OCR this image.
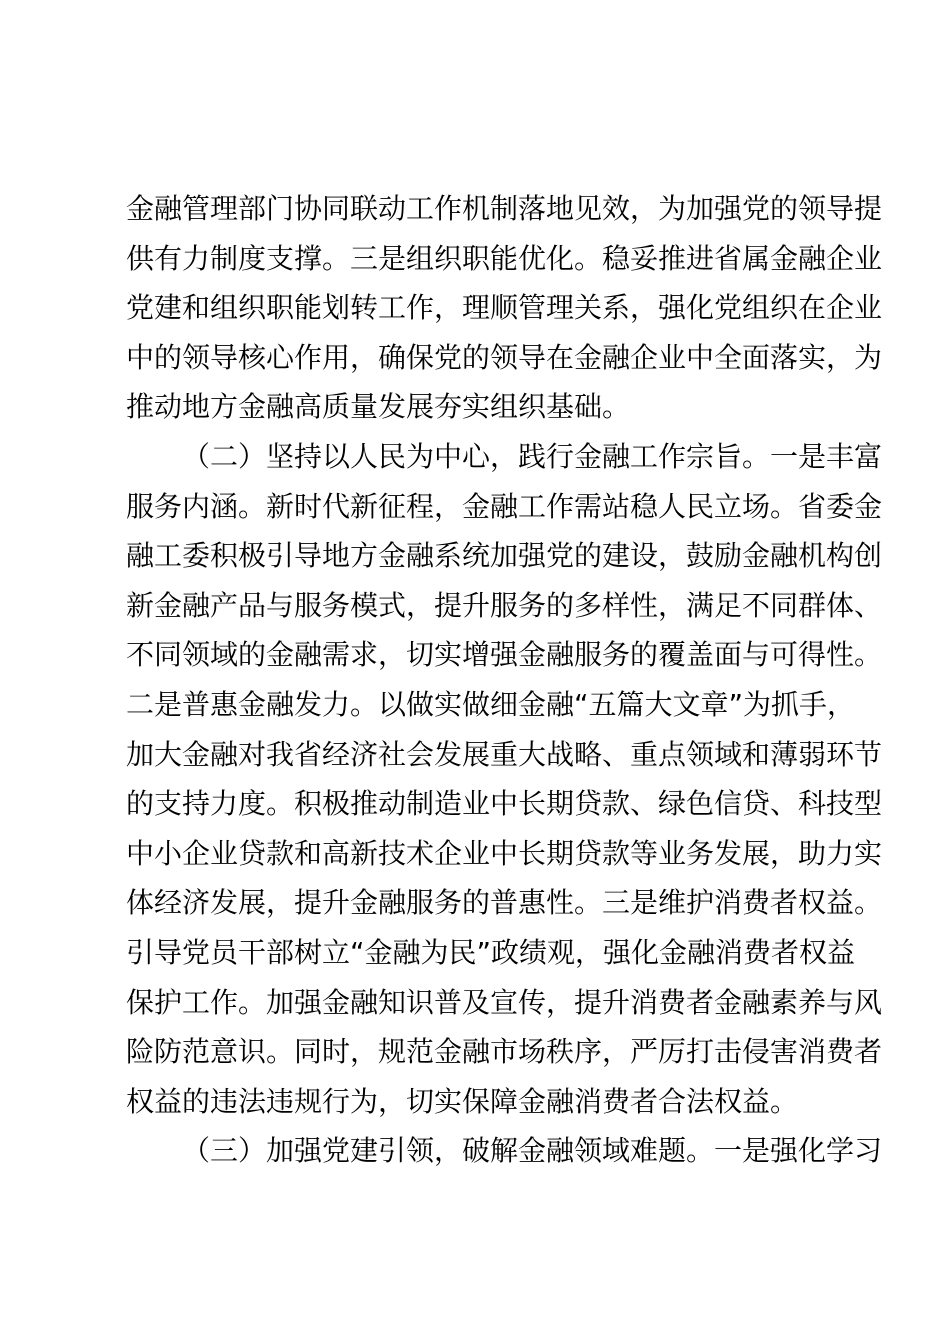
金融管理部门协同联动工作机制落地见效，为加强党的领导提
供有力制度支撑。三是组织职能优化。稳妥推进省属金融企业
党建和组织职能划转工作，理顺管理关系，强化党组织在企业
中的领导核心作用，确保党的领导在金融企业中全面落实，为
推动地方金融高质量发展夯实组织基础。
（二）坚持以人民为中心，践行金融工作宗旨。一是丰富
服务内涵。新时代新征程，金融工作需站稳人民立场。省委金
融工委积极引导地方金融系统加强党的建设，鼓励金融机构创
新金融产品与服务模式，提升服务的多样性，满足不同群体、
不同领域的金融需求，切实增强金融服务的覆盖面与可得性。
二是普惠金融发力。以做实做细金融“五篇大文章”为抓手，
加大金融对我省经济社会发展重大战略、重点领域和薄弱环节
的支持力度。积极推动制造业中长期贷款、绿色信贷、科技型
中小企业贷款和高新技术企业中长期贷款等业务发展，助力实
体经济发展，提升金融服务的普惠性。三是维护消费者权益。
引导党员干部树立“金融为民”政绩观，强化金融消费者权益
保护工作。加强金融知识普及宣传，提升消费者金融素养与风
险防范意识。同时，规范金融市场秩序，严厉打击侵害消费者
权益的违法违规行为，切实保障金融消费者合法权益。
（三）加强党建引领，破解金融领域难题。一是强化学习
